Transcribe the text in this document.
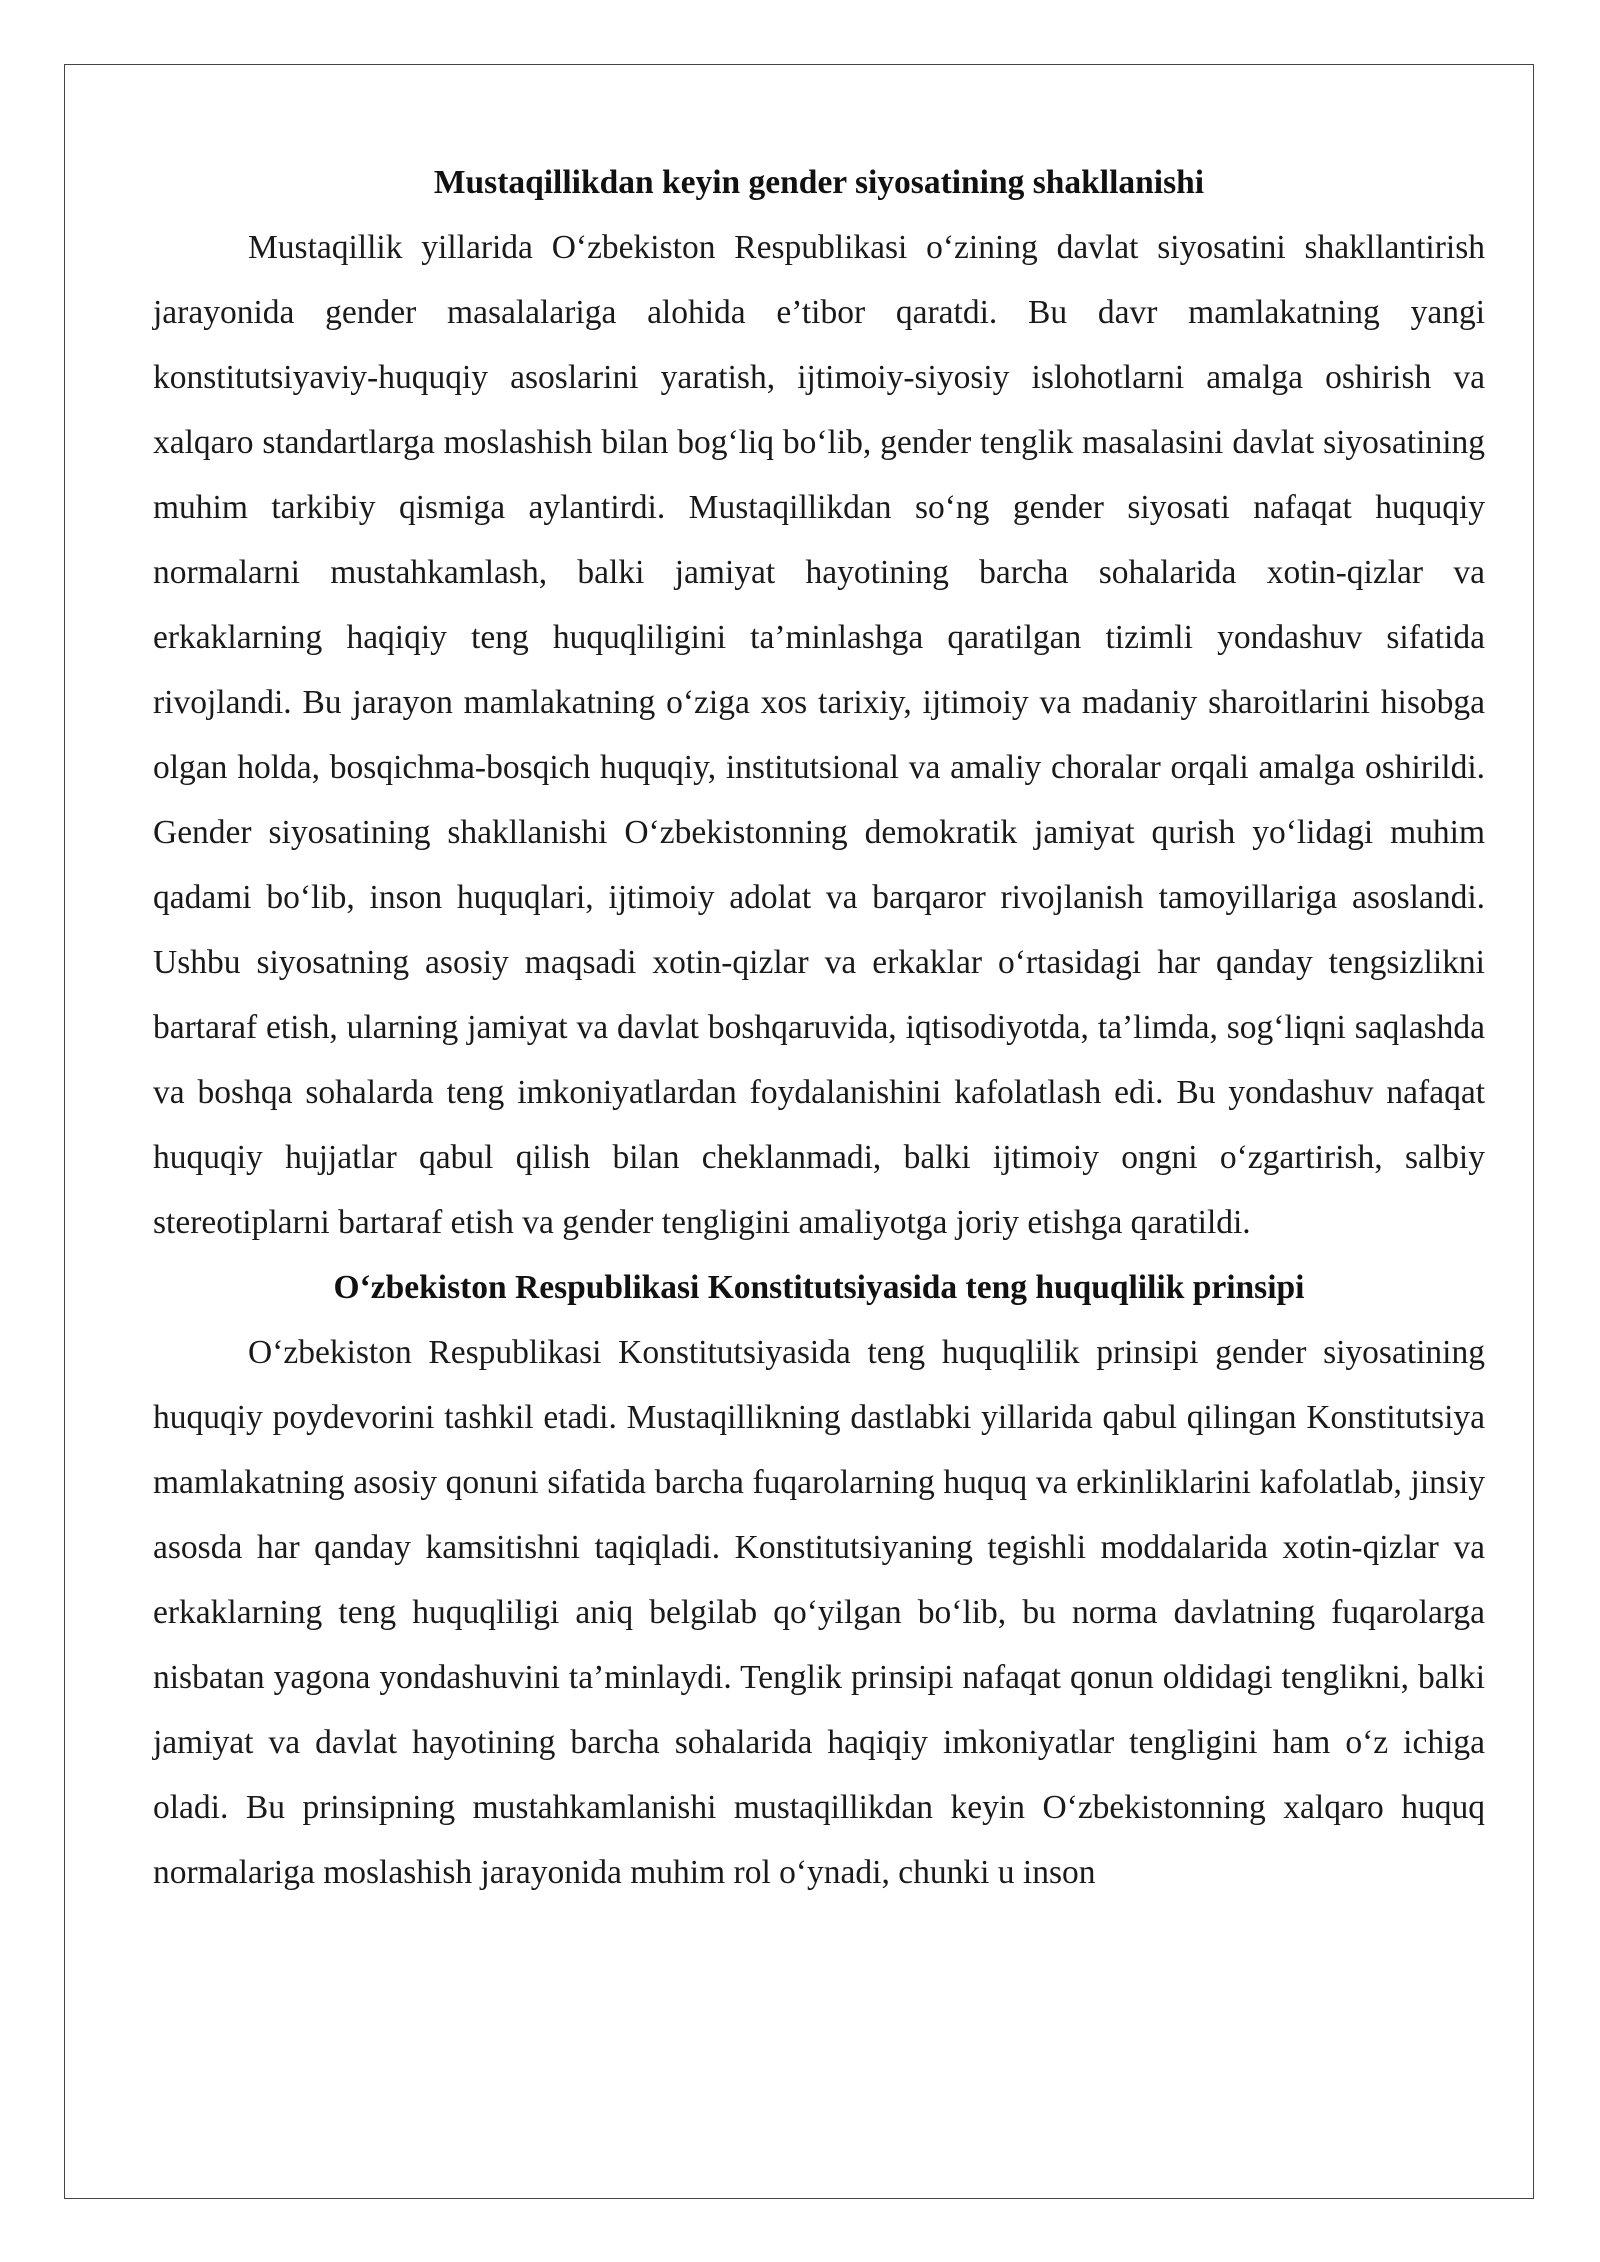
Mustaqillikdan keyin gender siyosatining shakllanishi

Mustaqillik yillarida O‘zbekiston Respublikasi o‘zining davlat siyosatini shakllantirish jarayonida gender masalalariga alohida e’tibor qaratdi. Bu davr mamlakatning yangi konstitutsiyaviy-huquqiy asoslarini yaratish, ijtimoiy-siyosiy islohotlarni amalga oshirish va xalqaro standartlarga moslashish bilan bog‘liq bo‘lib, gender tenglik masalasini davlat siyosatining muhim tarkibiy qismiga aylantirdi. Mustaqillikdan so‘ng gender siyosati nafaqat huquqiy normalarni mustahkamlash, balki jamiyat hayotining barcha sohalarida xotin-qizlar va erkaklarning haqiqiy teng huquqliligini ta’minlashga qaratilgan tizimli yondashuv sifatida rivojlandi. Bu jarayon mamlakatning o‘ziga xos tarixiy, ijtimoiy va madaniy sharoitlarini hisobga olgan holda, bosqichma-bosqich huquqiy, institutsional va amaliy choralar orqali amalga oshirildi. Gender siyosatining shakllanishi O‘zbekistonning demokratik jamiyat qurish yo‘lidagi muhim qadami bo‘lib, inson huquqlari, ijtimoiy adolat va barqaror rivojlanish tamoyillariga asoslandi. Ushbu siyosatning asosiy maqsadi xotin-qizlar va erkaklar o‘rtasidagi har qanday tengsizlikni bartaraf etish, ularning jamiyat va davlat boshqaruvida, iqtisodiyotda, ta’limda, sog‘liqni saqlashda va boshqa sohalarda teng imkoniyatlardan foydalanishini kafolatlash edi. Bu yondashuv nafaqat huquqiy hujjatlar qabul qilish bilan cheklanmadi, balki ijtimoiy ongni o‘zgartirish, salbiy stereotiplarni bartaraf etish va gender tengligini amaliyotga joriy etishga qaratildi.

O‘zbekiston Respublikasi Konstitutsiyasida teng huquqlilik prinsipi

O‘zbekiston Respublikasi Konstitutsiyasida teng huquqlilik prinsipi gender siyosatining huquqiy poydevorini tashkil etadi. Mustaqillikning dastlabki yillarida qabul qilingan Konstitutsiya mamlakatning asosiy qonuni sifatida barcha fuqarolarning huquq va erkinliklarini kafolatlab, jinsiy asosda har qanday kamsitishni taqiqladi. Konstitutsiyaning tegishli moddalarida xotin-qizlar va erkaklarning teng huquqliligi aniq belgilab qo‘yilgan bo‘lib, bu norma davlatning fuqarolarga nisbatan yagona yondashuvini ta’minlaydi. Tenglik prinsipi nafaqat qonun oldidagi tenglikni, balki jamiyat va davlat hayotining barcha sohalarida haqiqiy imkoniyatlar tengligini ham o‘z ichiga oladi. Bu prinsipning mustahkamlanishi mustaqillikdan keyin O‘zbekistonning xalqaro huquq normalariga moslashish jarayonida muhim rol o‘ynadi, chunki u inson
